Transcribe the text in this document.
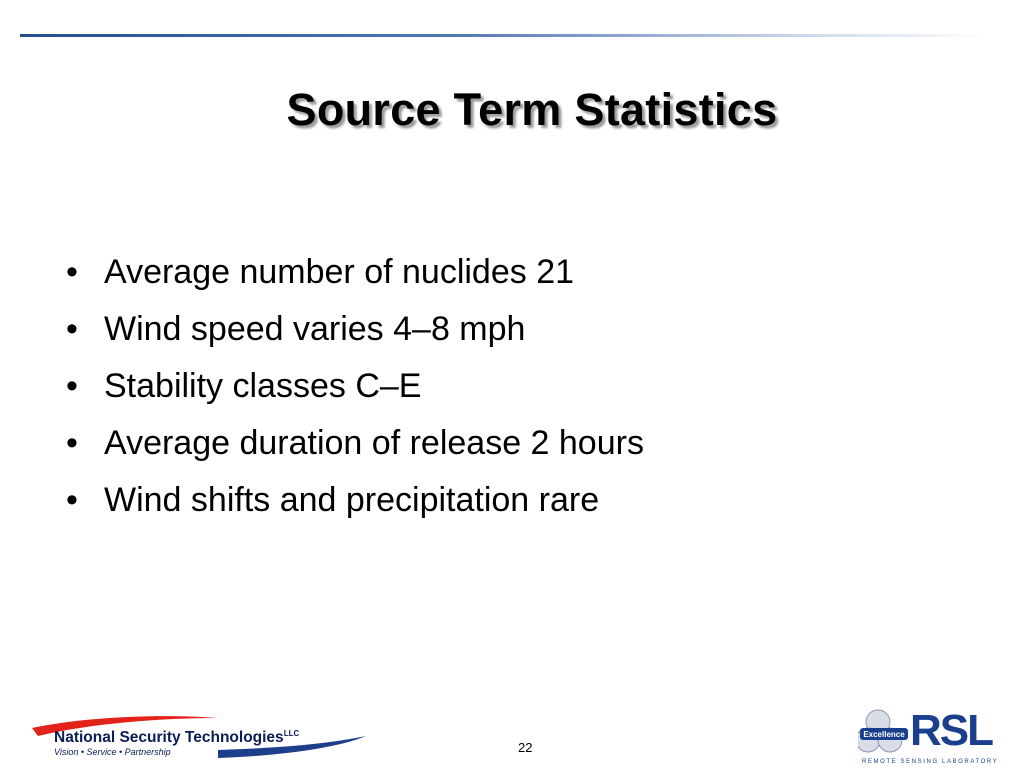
Source Term Statistics
• Average number of nuclides 21
• Wind speed varies 4–8 mph
• Stability classes C–E
• Average duration of release 2 hours
• Wind shifts and precipitation rare
National Security Technologies$^{LLC}$
Vision • Service • Partnership	22
Excellence RSL
REMOTE SENSING LABORATORY
